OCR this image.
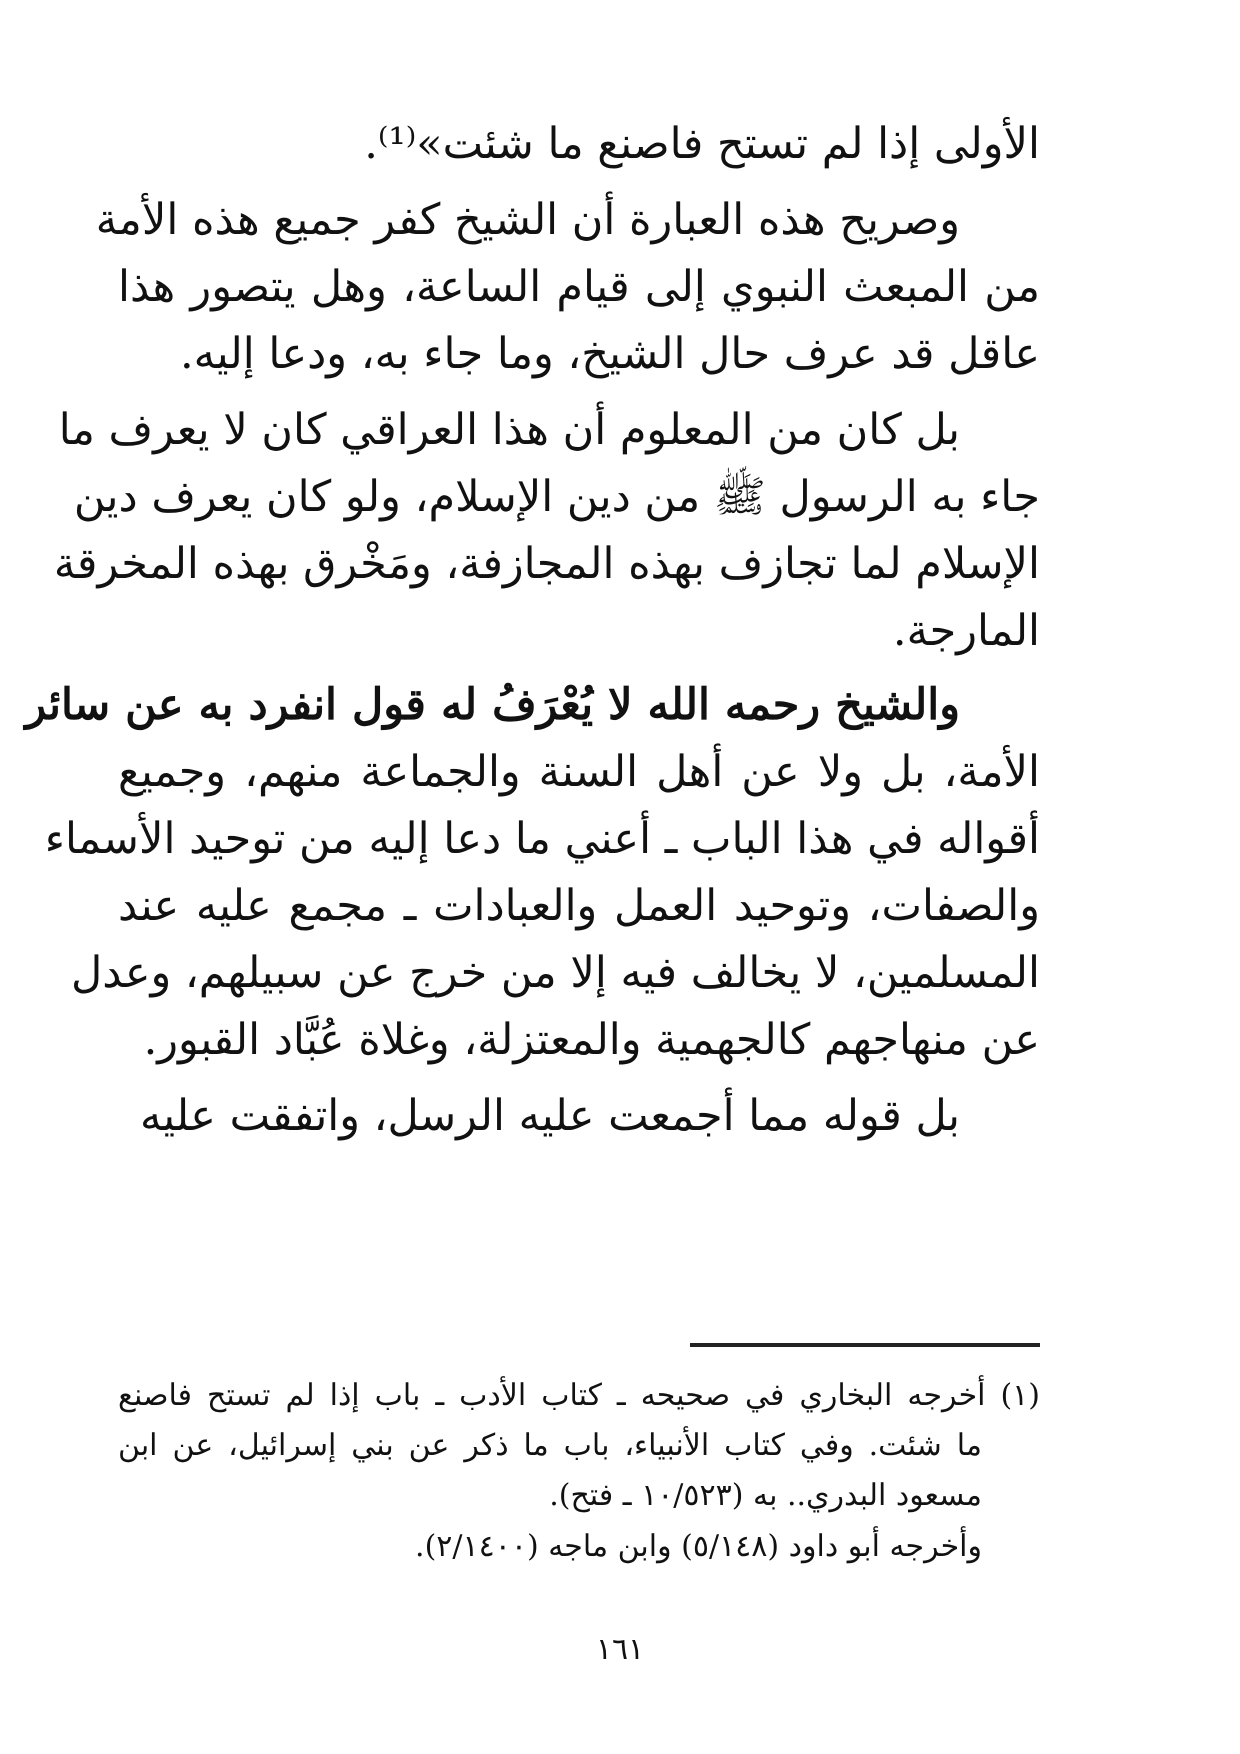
الأولى إذا لم تستح فاصنع ما شئت»⁽¹⁾.
وصريح هذه العبارة أن الشيخ كفر جميع هذه الأمة
من المبعث النبوي إلى قيام الساعة، وهل يتصور هذا
عاقل قد عرف حال الشيخ، وما جاء به، ودعا إليه.
بل كان من المعلوم أن هذا العراقي كان لا يعرف ما
جاء به الرسول ﷺ من دين الإسلام، ولو كان يعرف دين
الإسلام لما تجازف بهذه المجازفة، ومَخْرق بهذه المخرقة
المارجة.
والشيخ رحمه الله لا يُعْرَفُ له قول انفرد به عن سائر
الأمة، بل ولا عن أهل السنة والجماعة منهم، وجميع
أقواله في هذا الباب ـ أعني ما دعا إليه من توحيد الأسماء
والصفات، وتوحيد العمل والعبادات ـ مجمع عليه عند
المسلمين، لا يخالف فيه إلا من خرج عن سبيلهم، وعدل
عن منهاجهم كالجهمية والمعتزلة، وغلاة عُبَّاد القبور.
بل قوله مما أجمعت عليه الرسل، واتفقت عليه
(١) أخرجه البخاري في صحيحه ـ كتاب الأدب ـ باب إذا لم تستح فاصنع
ما شئت. وفي كتاب الأنبياء، باب ما ذكر عن بني إسرائيل، عن ابن
مسعود البدري.. به (١٠/٥٢٣ ـ فتح).
وأخرجه أبو داود (٥/١٤٨) وابن ماجه (٢/١٤٠٠).
١٦١
